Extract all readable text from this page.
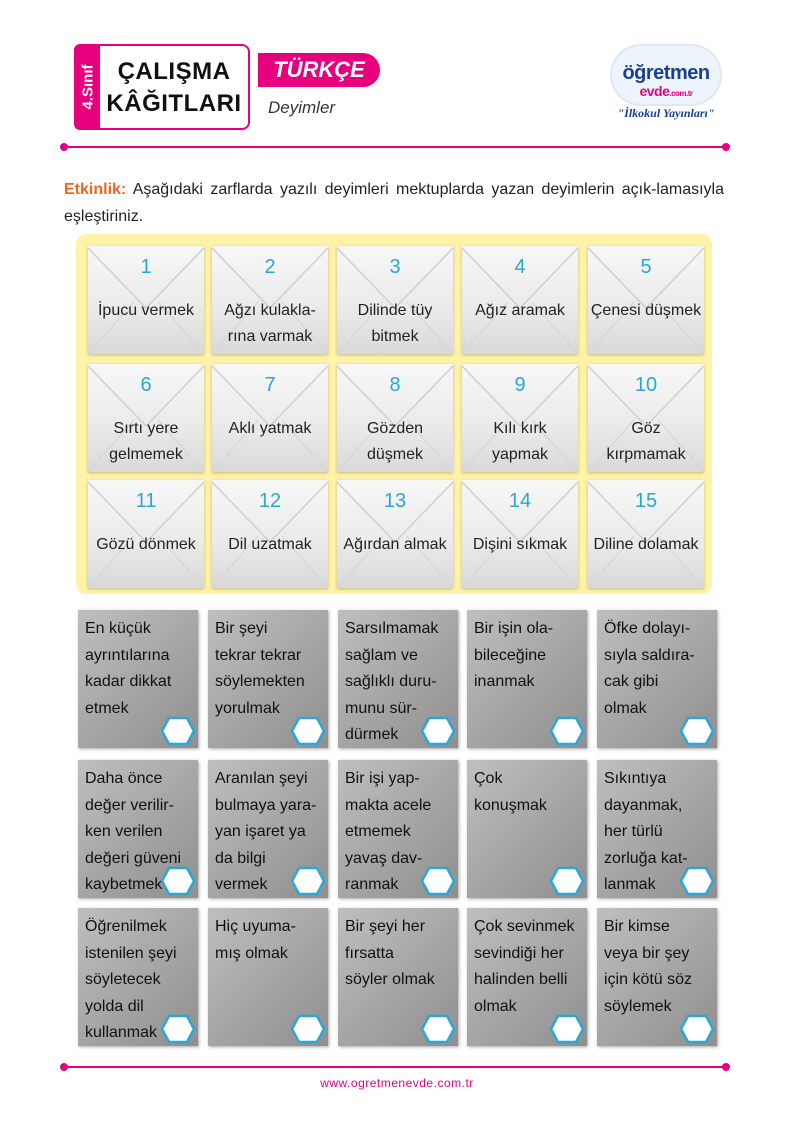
4.Sınıf ÇALIŞMA
KÂĞITLARI
TÜRKÇE
Deyimler
öğretmen
evde.com.tr
"İlkokul Yayınları"
Etkinlik: Aşağıdaki zarflarda yazılı deyimleri mektuplarda yazan deyimlerin açık-lamasıyla eşleştiriniz.
1
İpucu vermek
2
Ağzı kulakla-rına varmak
3
Dilinde tüy bitmek
4
Ağız aramak
5
Çenesi düşmek
6
Sırtı yere gelmemek
7
Aklı yatmak
8
Gözden düşmek
9
Kılı kırk yapmak
10
Göz kırpmamak
11
Gözü dönmek
12
Dil uzatmak
13
Ağırdan almak
14
Dişini sıkmak
15
Diline dolamak
En küçük
ayrıntılarına
kadar dikkat
etmek
Bir şeyi
tekrar tekrar
söylemekten
yorulmak
Sarsılmamak
sağlam ve
sağlıklı duru-
munu sür-
dürmek
Bir işin ola-
bileceğine
inanmak
Öfke dolayı-
sıyla saldıra-
cak gibi
olmak
Daha önce
değer verilir-
ken verilen
değeri güveni
kaybetmek
Aranılan şeyi
bulmaya yara-
yan işaret ya
da bilgi
vermek
Bir işi yap-
makta acele
etmemek
yavaş dav-
ranmak
Çok
konuşmak
Sıkıntıya
dayanmak,
her türlü
zorluğa kat-
lanmak
Öğrenilmek
istenilen şeyi
söyletecek
yolda dil
kullanmak
Hiç uyuma-
mış olmak
Bir şeyi her
fırsatta
söyler olmak
Çok sevinmek
sevindiği her
halinden belli
olmak
Bir kimse
veya bir şey
için kötü söz
söylemek
www.ogretmenevde.com.tr
